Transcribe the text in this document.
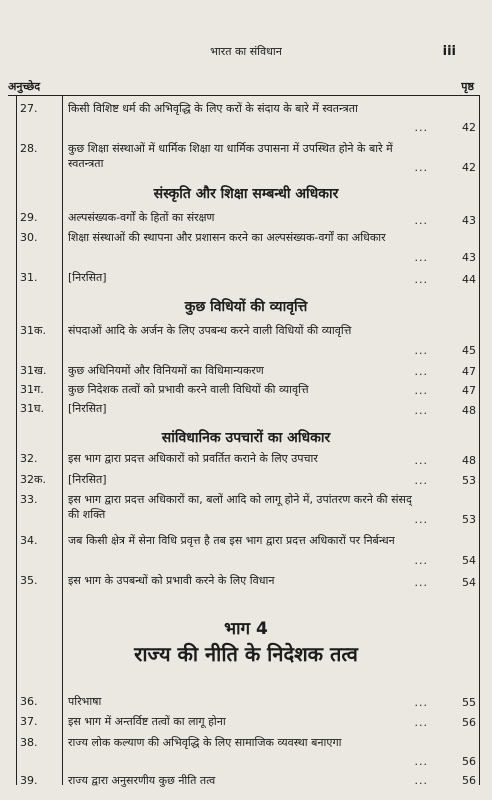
भारत का संविधान	iii
अनुच्छेद	पृष्ठ
27.	किसी विशिष्ट धर्म की अभिवृद्धि के लिए करों के संदाय के बारे में स्वतन्त्रता
...	42
28.	कुछ शिक्षा संस्थाओं में धार्मिक शिक्षा या धार्मिक उपासना में उपस्थित होने के बारे में स्वतन्त्रता	...	42
संस्कृति और शिक्षा सम्बन्धी अधिकार
29.	अल्पसंख्यक-वर्गों के हितों का संरक्षण	...	43
30.	शिक्षा संस्थाओं की स्थापना और प्रशासन करने का अल्पसंख्यक-वर्गों का अधिकार
...	43
31.	[निरसित]	...	44
कुछ विधियों की व्यावृत्ति
31क.	संपदाओं आदि के अर्जन के लिए उपबन्ध करने वाली विधियों की व्यावृत्ति
...	45
31ख.	कुछ अधिनियमों और विनियमों का विधिमान्यकरण	...	47
31ग.	कुछ निदेशक तत्वों को प्रभावी करने वाली विधियों की व्यावृत्ति	...	47
31घ.	[निरसित]	...	48
सांविधानिक उपचारों का अधिकार
32.	इस भाग द्वारा प्रदत्त अधिकारों को प्रवर्तित कराने के लिए उपचार	...	48
32क.	[निरसित]	...	53
33.	इस भाग द्वारा प्रदत्त अधिकारों का, बलों आदि को लागू होने में, उपांतरण करने की संसद् की शक्ति	...	53
34.	जब किसी क्षेत्र में सेना विधि प्रवृत्त है तब इस भाग द्वारा प्रदत्त अधिकारों पर निर्बन्धन
...	54
35.	इस भाग के उपबन्धों को प्रभावी करने के लिए विधान	...	54
भाग 4
राज्य की नीति के निदेशक तत्व
36.	परिभाषा	...	55
37.	इस भाग में अन्तर्विष्ट तत्वों का लागू होना	...	56
38.	राज्य लोक कल्याण की अभिवृद्धि के लिए सामाजिक व्यवस्था बनाएगा
...	56
39.	राज्य द्वारा अनुसरणीय कुछ नीति तत्व	...	56
